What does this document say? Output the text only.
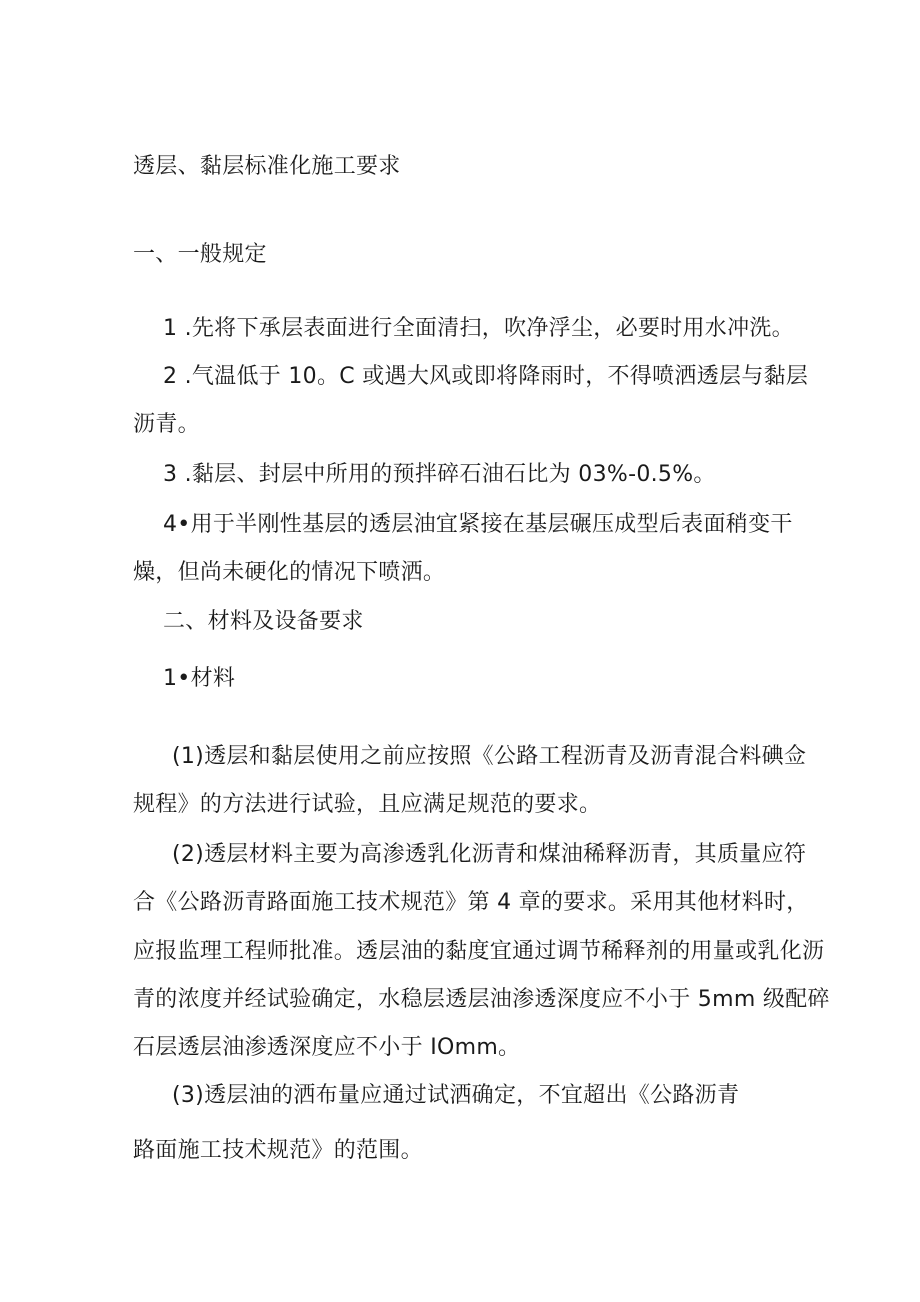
透层、黏层标准化施工要求
一、一般规定
1 .先将下承层表面进行全面清扫，吹净浮尘，必要时用水冲洗。
2 .气温低于 10。C 或遇大风或即将降雨时，不得喷洒透层与黏层
沥青。
3 .黏层、封层中所用的预拌碎石油石比为 03%-0.5%。
4•用于半刚性基层的透层油宜紧接在基层碾压成型后表面稍变干
燥，但尚未硬化的情况下喷洒。
二、材料及设备要求
1•材料
(1)透层和黏层使用之前应按照《公路工程沥青及沥青混合料碘佥
规程》的方法进行试验，且应满足规范的要求。
(2)透层材料主要为高渗透乳化沥青和煤油稀释沥青，其质量应符
合《公路沥青路面施工技术规范》第 4 章的要求。采用其他材料时，
应报监理工程师批准。透层油的黏度宜通过调节稀释剂的用量或乳化沥
青的浓度并经试验确定，水稳层透层油渗透深度应不小于 5mm 级配碎
石层透层油渗透深度应不小于 IOmm。
(3)透层油的洒布量应通过试洒确定，不宜超出《公路沥青
路面施工技术规范》的范围。
